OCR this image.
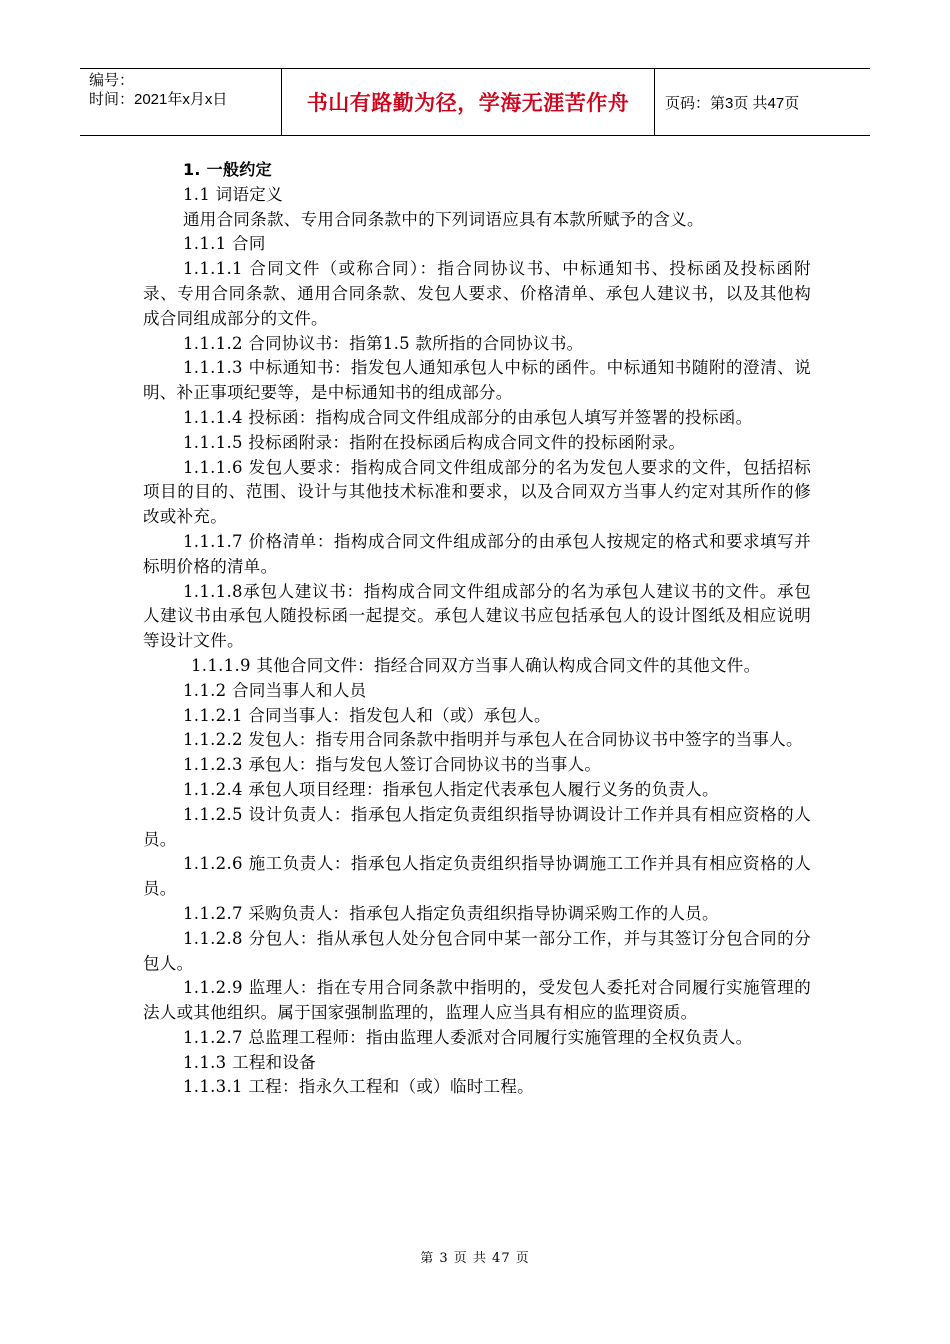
编号：
时间：2021年x月x日	书山有路勤为径，学海无涯苦作舟 页码：第3页 共47页

1. 一般约定

1.1 词语定义

通用合同条款、专用合同条款中的下列词语应具有本款所赋予的含义。

1.1.1 合同

1.1.1.1 合同文件（或称合同）：指合同协议书、中标通知书、投标函及投标函附录、专用合同条款、通用合同条款、发包人要求、价格清单、承包人建议书，以及其他构成合同组成部分的文件。

1.1.1.2 合同协议书：指第1.5 款所指的合同协议书。

1.1.1.3 中标通知书：指发包人通知承包人中标的函件。中标通知书随附的澄清、说明、补正事项纪要等，是中标通知书的组成部分。

1.1.1.4 投标函：指构成合同文件组成部分的由承包人填写并签署的投标函。

1.1.1.5 投标函附录：指附在投标函后构成合同文件的投标函附录。

1.1.1.6 发包人要求：指构成合同文件组成部分的名为发包人要求的文件，包括招标项目的目的、范围、设计与其他技术标准和要求，以及合同双方当事人约定对其所作的修改或补充。

1.1.1.7 价格清单：指构成合同文件组成部分的由承包人按规定的格式和要求填写并标明价格的清单。

1.1.1.8承包人建议书：指构成合同文件组成部分的名为承包人建议书的文件。承包人建议书由承包人随投标函一起提交。承包人建议书应包括承包人的设计图纸及相应说明等设计文件。

1.1.1.9 其他合同文件：指经合同双方当事人确认构成合同文件的其他文件。

1.1.2 合同当事人和人员

1.1.2.1 合同当事人：指发包人和（或）承包人。

1.1.2.2 发包人：指专用合同条款中指明并与承包人在合同协议书中签字的当事人。

1.1.2.3 承包人：指与发包人签订合同协议书的当事人。

1.1.2.4 承包人项目经理：指承包人指定代表承包人履行义务的负责人。

1.1.2.5 设计负责人：指承包人指定负责组织指导协调设计工作并具有相应资格的人员。

1.1.2.6 施工负责人：指承包人指定负责组织指导协调施工工作并具有相应资格的人员。

1.1.2.7 采购负责人：指承包人指定负责组织指导协调采购工作的人员。

1.1.2.8 分包人：指从承包人处分包合同中某一部分工作，并与其签订分包合同的分包人。

1.1.2.9 监理人：指在专用合同条款中指明的，受发包人委托对合同履行实施管理的法人或其他组织。属于国家强制监理的，监理人应当具有相应的监理资质。

1.1.2.7 总监理工程师：指由监理人委派对合同履行实施管理的全权负责人。

1.1.3 工程和设备

1.1.3.1 工程：指永久工程和（或）临时工程。

第 3 页 共 47 页
